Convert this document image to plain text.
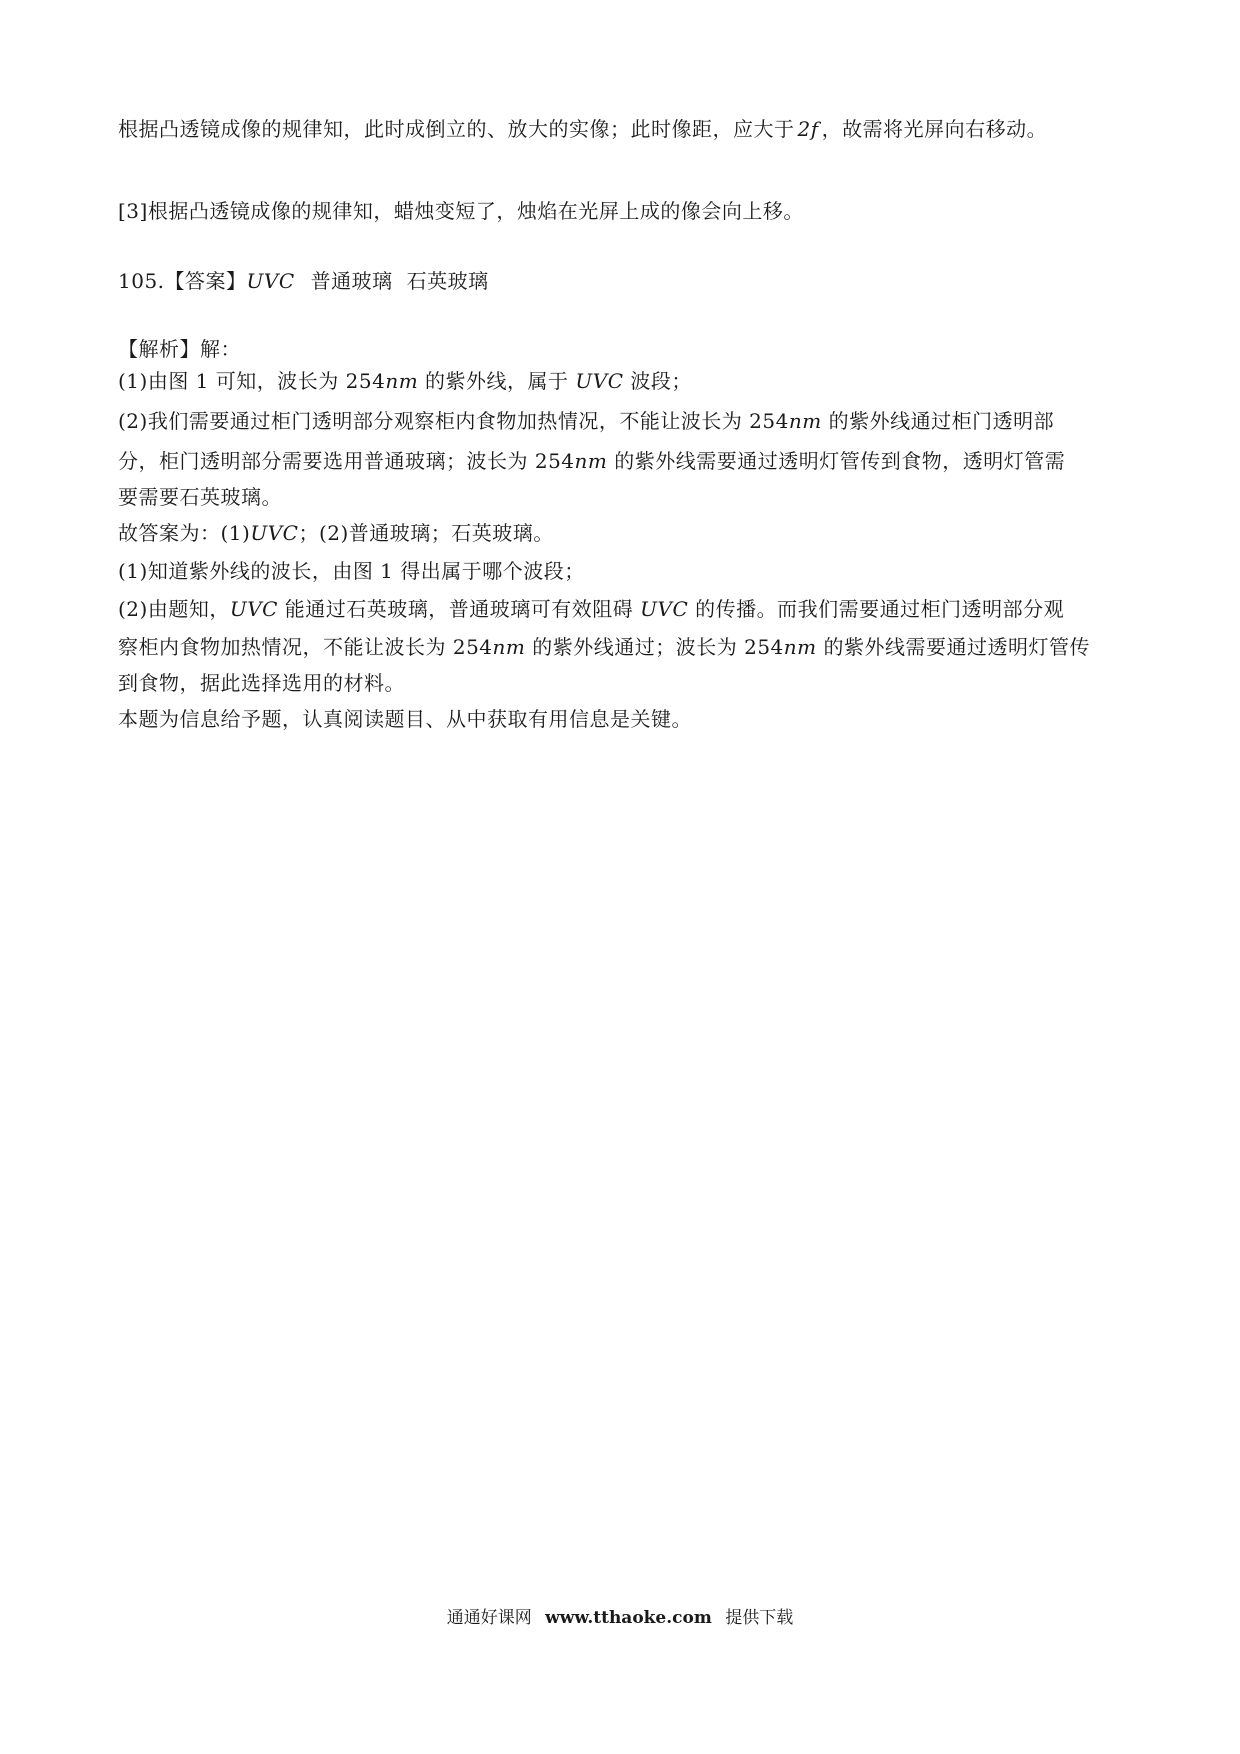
根据凸透镜成像的规律知，此时成倒立的、放大的实像；此时像距，应大于 2f ，故需将光屏向右移动。
[3]根据凸透镜成像的规律知，蜡烛变短了，烛焰在光屏上成的像会向上移。
105.【答案】UVC 普通玻璃 石英玻璃
【解析】解：
(1)由图 1 可知，波长为 254nm 的紫外线，属于 UVC 波段；
(2)我们需要通过柜门透明部分观察柜内食物加热情况，不能让波长为 254nm 的紫外线通过柜门透明部
分，柜门透明部分需要选用普通玻璃；波长为 254nm 的紫外线需要通过透明灯管传到食物，透明灯管需
要需要石英玻璃。
故答案为：(1)UVC；(2)普通玻璃；石英玻璃。
(1)知道紫外线的波长，由图 1 得出属于哪个波段；
(2)由题知，UVC 能通过石英玻璃，普通玻璃可有效阻碍 UVC 的传播。而我们需要通过柜门透明部分观
察柜内食物加热情况，不能让波长为 254nm 的紫外线通过；波长为 254nm 的紫外线需要通过透明灯管传
到食物，据此选择选用的材料。
本题为信息给予题，认真阅读题目、从中获取有用信息是关键。
通通好课网 www.tthaoke.com 提供下载
